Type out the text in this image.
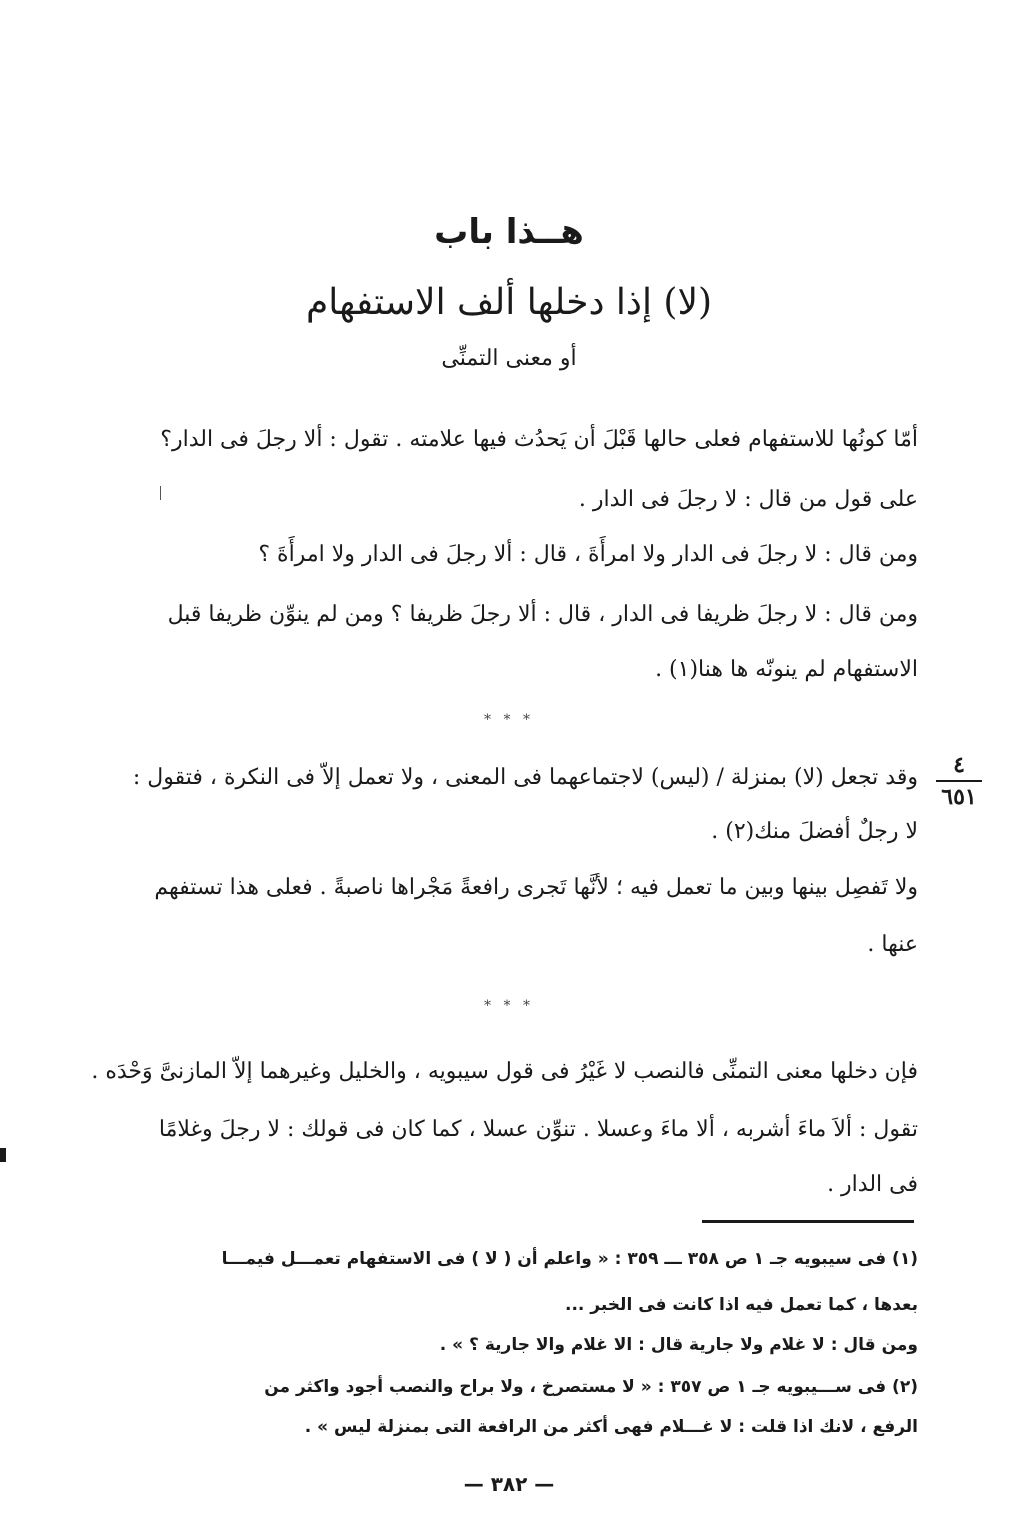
هــذا باب
(لا) إذا دخلها ألف الاستفهام
أو معنى التمنِّى
أمّا كونُها للاستفهام فعلى حالها قَبْلَ أن يَحدُث فيها علامته . تقول : ألا رجلَ فى الدار؟
على قول من قال : لا رجلَ فى الدار .
ومن قال : لا رجلَ فى الدار ولا امرأَةَ ، قال : ألا رجلَ فى الدار ولا امرأَةَ ؟
ومن قال : لا رجلَ ظريفا فى الدار ، قال : ألا رجلَ ظريفا ؟ ومن لم ينوِّن ظريفا قبل
الاستفهام لم ينونّه ها هنا(١) .
* * *
٤
٦٥١
وقد تجعل (لا) بمنزلة / (ليس) لاجتماعهما فى المعنى ، ولا تعمل إلاّ فى النكرة ، فتقول :
لا رجلٌ أفضلَ منك(٢) .
ولا تَفصِل بينها وبين ما تعمل فيه ؛ لأنَّها تَجرى رافعةً مَجْراها ناصبةً . فعلى هذا تستفهم
عنها .
* * *
فإن دخلها معنى التمنِّى فالنصب لا غَيْرُ فى قول سيبويه ، والخليل وغيرهما إلاّ المازنىَّ وَحْدَه .
تقول : ألاَ ماءَ أشربه ، ألا ماءَ وعسلا . تنوِّن عسلا ، كما كان فى قولك : لا رجلَ وغلامًا
فى الدار .
(١) فى سيبويه جـ ١ ص ٣٥٨ ـــ ٣٥٩ : « واعلم أن ( لا ) فى الاستفهام تعمـــل فيمـــا
بعدها ، كما تعمل فيه اذا كانت فى الخبر ...
ومن قال : لا غلام ولا جارية قال : الا غلام والا جارية ؟ » .
(٢) فى ســـيبويه جـ ١ ص ٣٥٧ : « لا مستصرخ ، ولا براح والنصب أجود واكثر من
الرفع ، لانك اذا قلت : لا غـــلام فهى أكثر من الرافعة التى بمنزلة ليس » .
— ٣٨٢ —
